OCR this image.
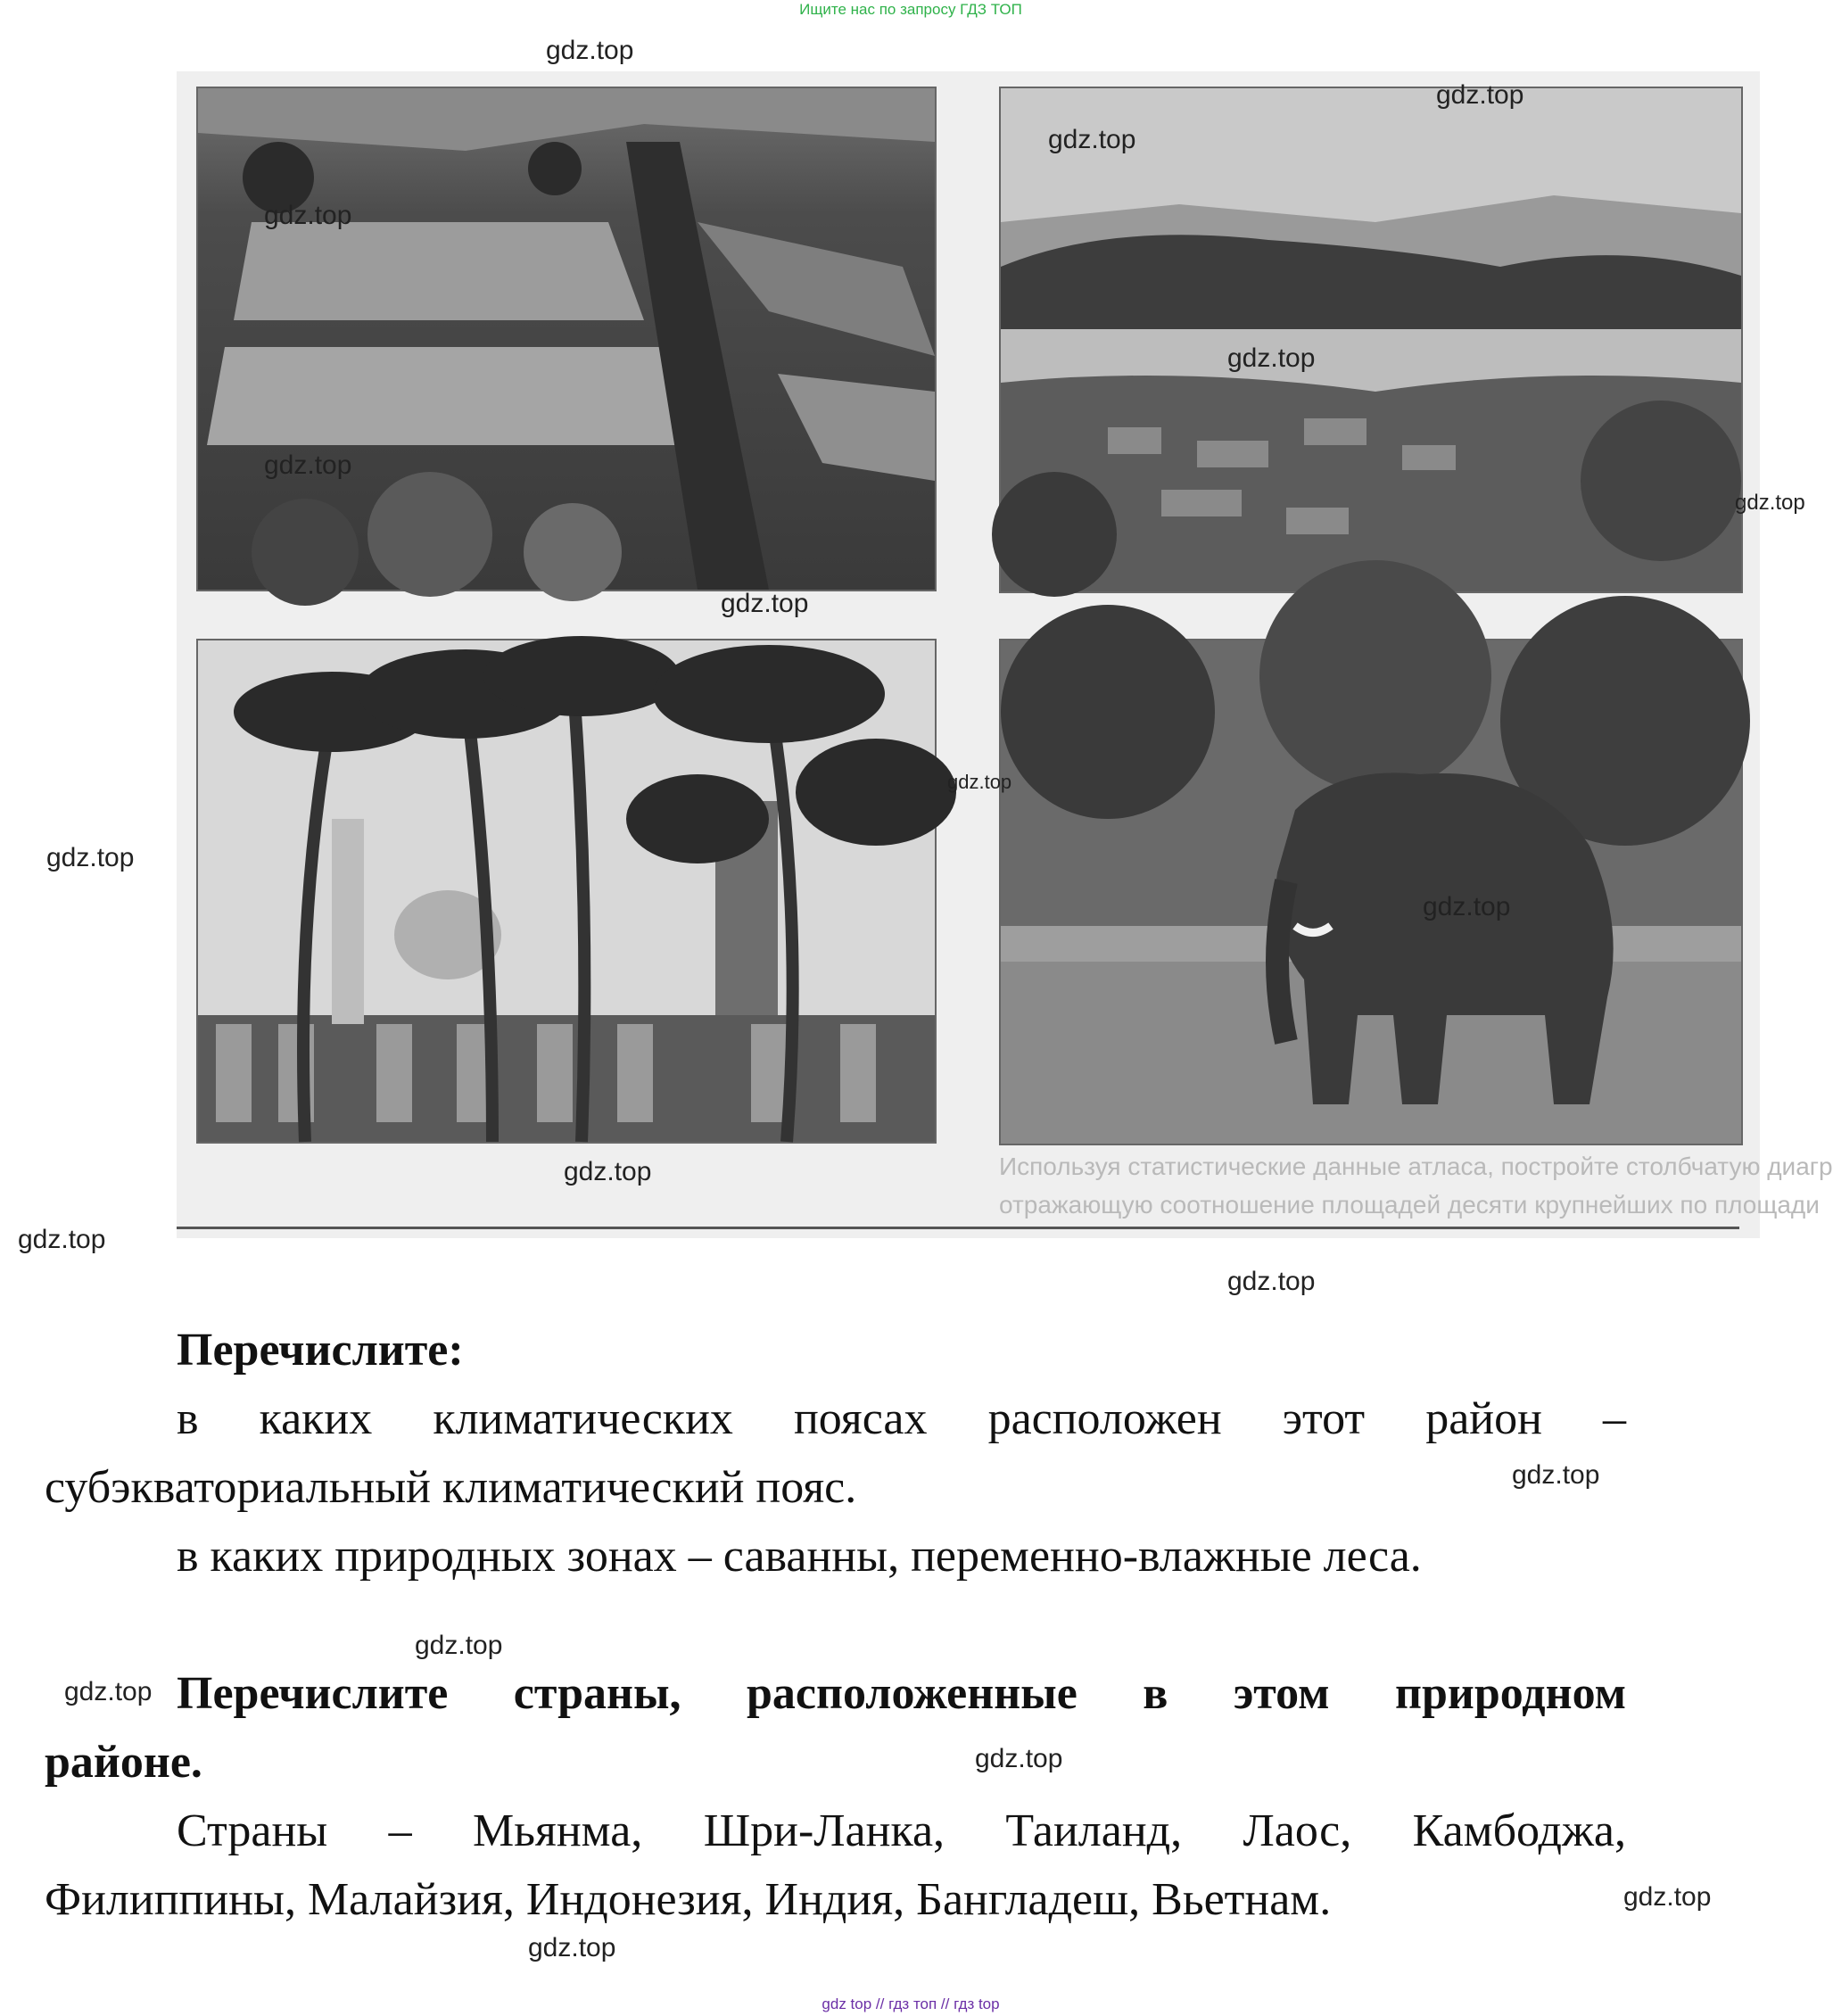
Ищите нас по запросу ГДЗ ТОП
Используя статистические данные атласа, постройте столбчатую диагр
отражающую соотношение площадей десяти крупнейших по площади
Перечислите:
в каких климатических поясах расположен этот район –
субэкваториальный климатический пояс.
в каких природных зонах – саванны, переменно-влажные леса.
Перечислите страны, расположенные в этом природном
районе.
Страны – Мьянма, Шри-Ланка, Таиланд, Лаос, Камбоджа,
Филиппины, Малайзия, Индонезия, Индия, Бангладеш, Вьетнам.
gdz.top
gdz.top
gdz.top
gdz.top
gdz.top
gdz.top
gdz.top
gdz.top
gdz.top
gdz.top
gdz.top
gdz.top
gdz.top
gdz.top
gdz.top
gdz.top
gdz.top
gdz.top
gdz.top
gdz.top
gdz top // гдз топ // гдз top
